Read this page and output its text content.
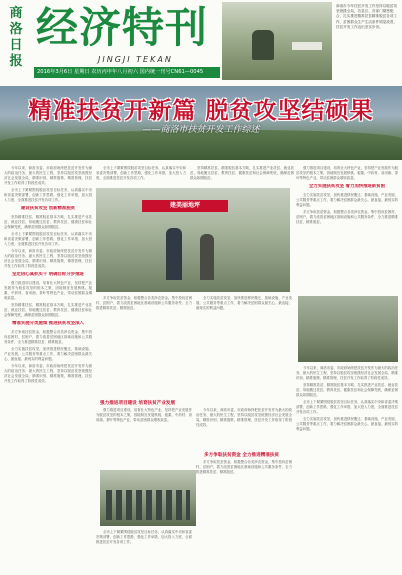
商洛日报
经济特刊
JINGJI TEKAN
2016年3月6日 星期日 农历丙申年八月初六 国内统一刊号CN61—0045
商洛市今年扶贫开发工作坚持以脱贫攻坚统揽全局，各县区、各部门紧密配合，扎实推进精准扶贫精准脱贫各项工作，贫困群众生产生活条件明显改善，扶贫开发工作迈出坚实步伐。
精准扶贫开新篇 脱贫攻坚结硕果
——商洛市扶贫开发工作综述

今年以来，商洛市委、市政府始终把扶贫开发作为最大的政治任务、最大的民生工程，坚持以脱贫攻坚统揽经济社会发展全局，精准识别、精准施策、精准管理，扶贫开发工作取得了阶段性成效。

全市上下紧紧围绕脱贫攻坚目标任务，认真落实中央和省委决策部署，创新工作思路，强化工作举措，加大投入力度，全面推进扶贫开发各项工作。

建设扶贫攻坚 创新精准脱贫

坚持精准扶贫、精准脱贫基本方略，扎实推进产业扶贫、就业扶贫、易地搬迁扶贫、教育扶贫、健康扶贫和社会保障兜底，确保贫困群众如期脱贫。

全市上下紧紧围绕脱贫攻坚目标任务，认真落实中央和省委决策部署，创新工作思路，强化工作举措，加大投入力度，全面推进扶贫开发各项工作。

今年以来，商洛市委、市政府始终把扶贫开发作为最大的政治任务、最大的民生工程，坚持以脱贫攻坚统揽经济社会发展全局，精准识别、精准施策、精准管理，扶贫开发工作取得了阶段性成效。

坚定信心真抓实干 明确目标分步推进

强力推进项目建设，培育壮大特色产业，坚持把产业发展作为脱贫攻坚的根本之策，因地制宜发展核桃、板栗、中药材、食用菌、茶叶等特色产业，带动贫困群众增收致富。

坚持精准扶贫、精准脱贫基本方略，扎实推进产业扶贫、就业扶贫、易地搬迁扶贫、教育扶贫、健康扶贫和社会保障兜底，确保贫困群众如期脱贫。

精准实施分类施策 推进扶贫攻坚深入

多方争取扶贫资金，积极整合各类涉农资金，集中投向贫困村、贫困户，着力改善贫困地区基础设施和公共服务条件，全力推进精准扶贫、精准脱贫。

全力实施扶贫攻坚，加快推进移民搬迁、基础设施、产业发展、公共服务等重点工作，着力解决贫困群众最关心、最直接、最现实的利益问题。

今年以来，商洛市委、市政府始终把扶贫开发作为最大的政治任务、最大的民生工程，坚持以脱贫攻坚统揽经济社会发展全局，精准识别、精准施策、精准管理，扶贫开发工作取得了阶段性成效。

全市上下紧紧围绕脱贫攻坚目标任务，认真落实中央和省委决策部署，创新工作思路，强化工作举措，加大投入力度，全面推进扶贫开发各项工作。

建美丽地坪

坚持精准扶贫、精准脱贫基本方略，扎实推进产业扶贫、就业扶贫、易地搬迁扶贫、教育扶贫、健康扶贫和社会保障兜底，确保贫困群众如期脱贫。

强力推进项目建设，培育壮大特色产业，坚持把产业发展作为脱贫攻坚的根本之策，因地制宜发展核桃、板栗、中药材、食用菌、茶叶等特色产业，带动贫困群众增收致富。

全力实施扶贫攻坚 着力加快推进新贫困

全力实施扶贫攻坚，加快推进移民搬迁、基础设施、产业发展、公共服务等重点工作，着力解决贫困群众最关心、最直接、最现实的利益问题。

多方争取扶贫资金，积极整合各类涉农资金，集中投向贫困村、贫困户，着力改善贫困地区基础设施和公共服务条件，全力推进精准扶贫、精准脱贫。

今年以来，商洛市委、市政府始终把扶贫开发作为最大的政治任务、最大的民生工程，坚持以脱贫攻坚统揽经济社会发展全局，精准识别、精准施策、精准管理，扶贫开发工作取得了阶段性成效。

坚持精准扶贫、精准脱贫基本方略，扎实推进产业扶贫、就业扶贫、易地搬迁扶贫、教育扶贫、健康扶贫和社会保障兜底，确保贫困群众如期脱贫。

全市上下紧紧围绕脱贫攻坚目标任务，认真落实中央和省委决策部署，创新工作思路，强化工作举措，加大投入力度，全面推进扶贫开发各项工作。

全力实施扶贫攻坚，加快推进移民搬迁、基础设施、产业发展、公共服务等重点工作，着力解决贫困群众最关心、最直接、最现实的利益问题。

多方争取扶贫资金，积极整合各类涉农资金，集中投向贫困村、贫困户，着力改善贫困地区基础设施和公共服务条件，全力推进精准扶贫、精准脱贫。
全力实施扶贫攻坚，加快推进移民搬迁、基础设施、产业发展、公共服务等重点工作，着力解决贫困群众最关心、最直接、最现实的利益问题。
强力推进项目建设 培育扶贫产业发展
强力推进项目建设，培育壮大特色产业，坚持把产业发展作为脱贫攻坚的根本之策，因地制宜发展核桃、板栗、中药材、食用菌、茶叶等特色产业，带动贫困群众增收致富。
今年以来，商洛市委、市政府始终把扶贫开发作为最大的政治任务、最大的民生工程，坚持以脱贫攻坚统揽经济社会发展全局，精准识别、精准施策、精准管理，扶贫开发工作取得了阶段性成效。
多方争取扶贫资金 全力推进精准扶贫
多方争取扶贫资金，积极整合各类涉农资金，集中投向贫困村、贫困户，着力改善贫困地区基础设施和公共服务条件，全力推进精准扶贫、精准脱贫。
全市上下紧紧围绕脱贫攻坚目标任务，认真落实中央和省委决策部署，创新工作思路，强化工作举措，加大投入力度，全面推进扶贫开发各项工作。
